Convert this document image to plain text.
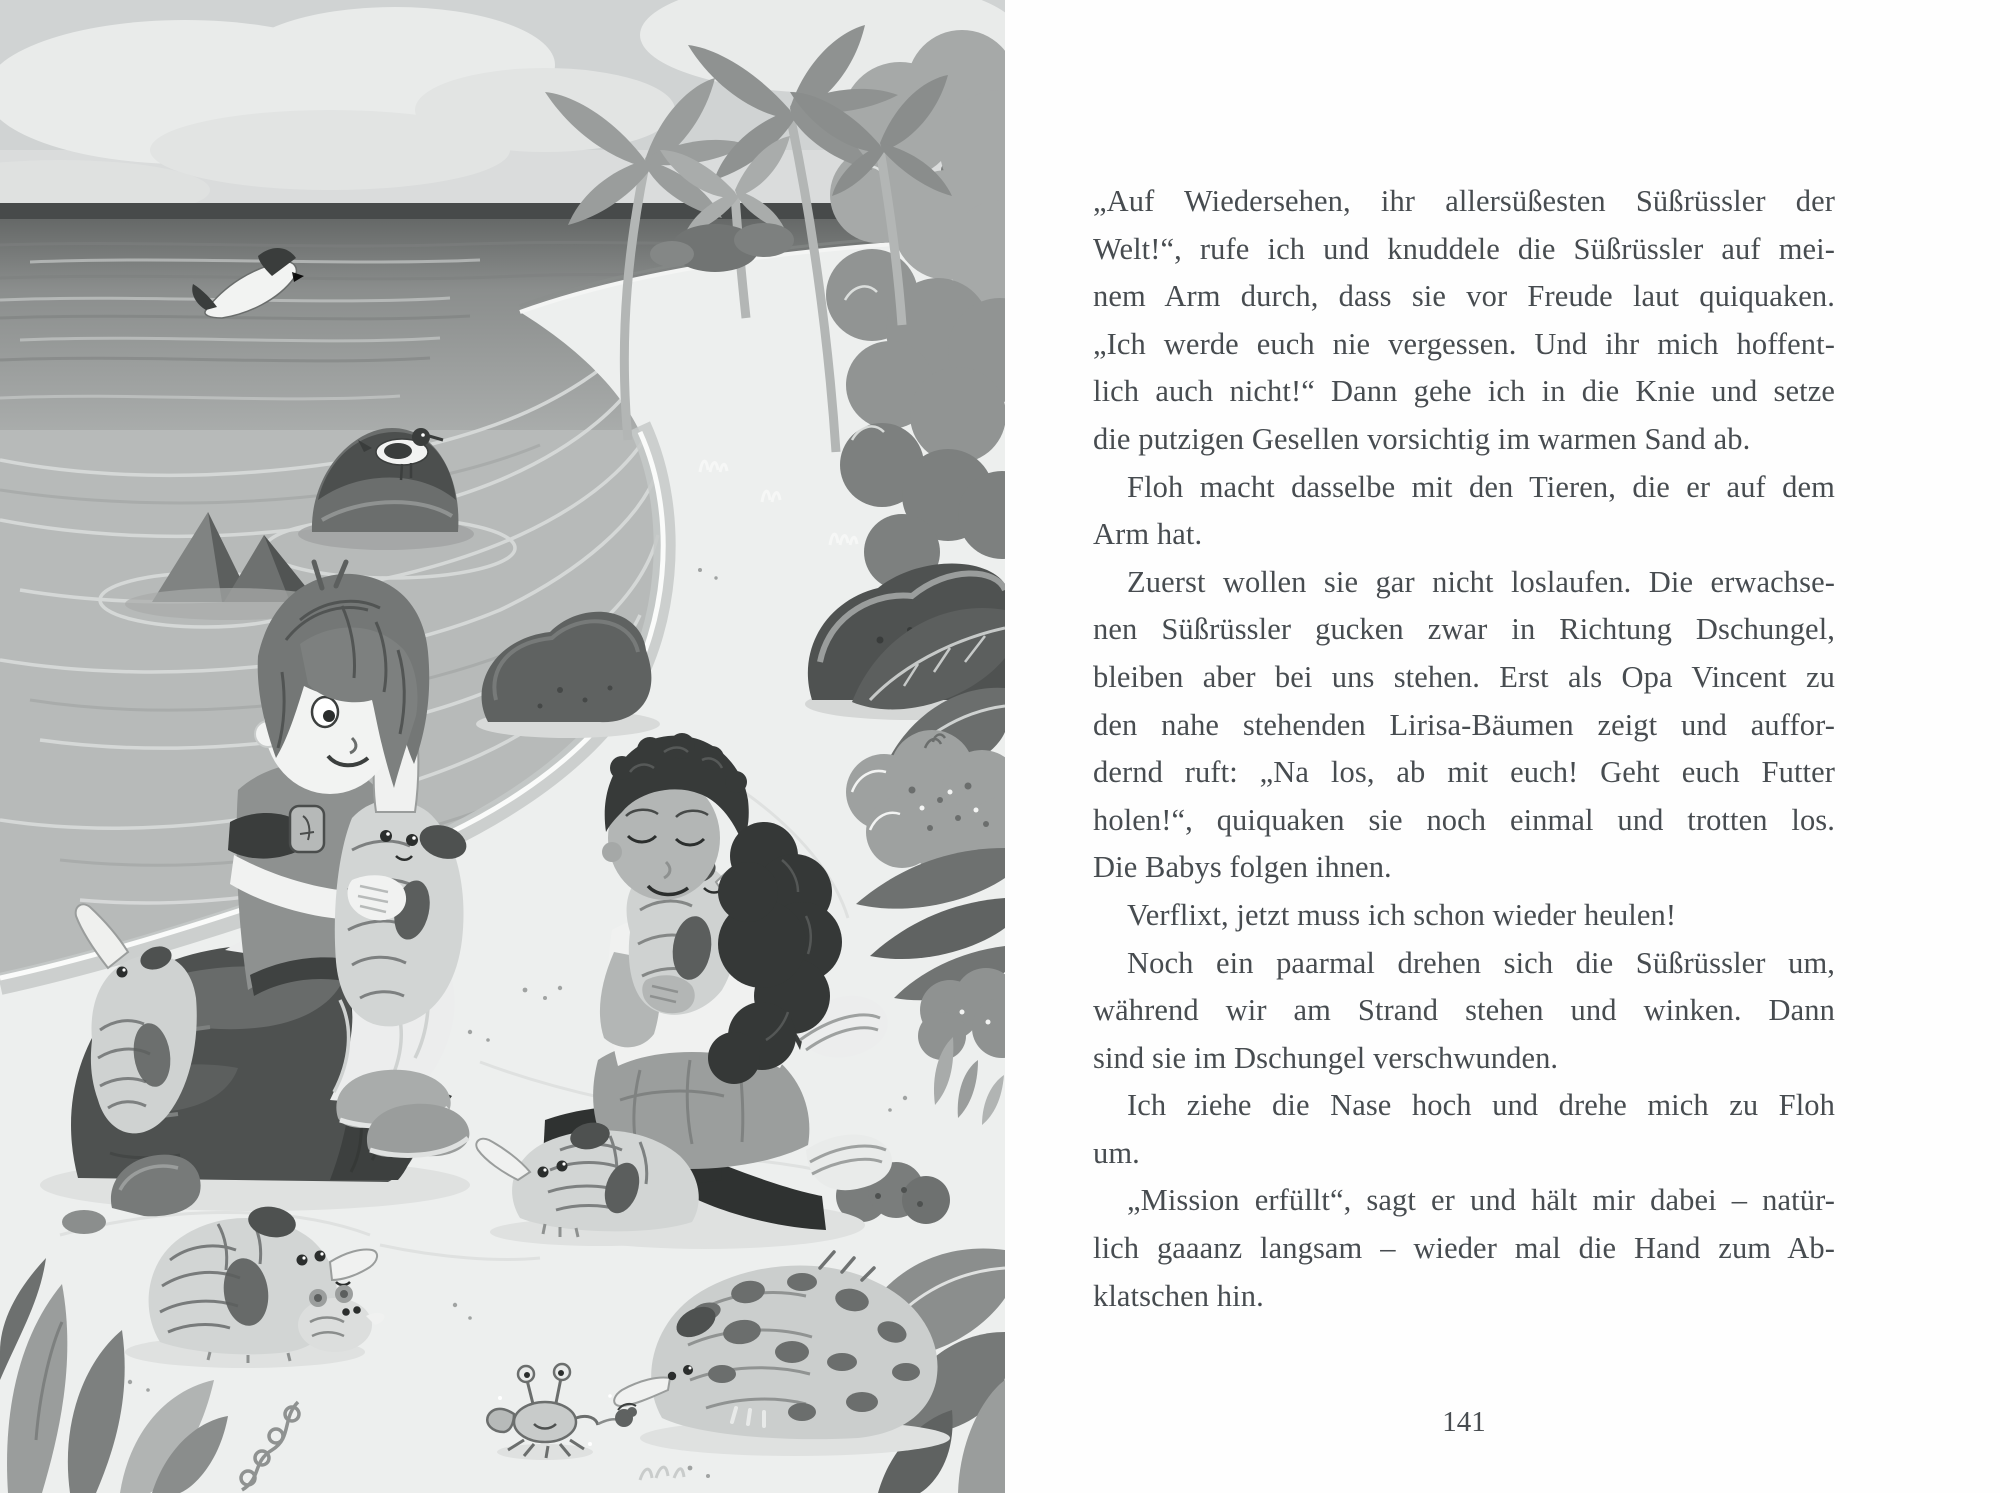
„Auf Wiedersehen, ihr allersüßesten Süßrüssler der
Welt!“, rufe ich und knuddele die Süßrüssler auf mei-
nem Arm durch, dass sie vor Freude laut quiquaken.
„Ich werde euch nie vergessen. Und ihr mich hoffent-
lich auch nicht!“ Dann gehe ich in die Knie und setze
die putzigen Gesellen vorsichtig im warmen Sand ab.
Floh macht dasselbe mit den Tieren, die er auf dem
Arm hat.
Zuerst wollen sie gar nicht loslaufen. Die erwachse-
nen Süßrüssler gucken zwar in Richtung Dschungel,
bleiben aber bei uns stehen. Erst als Opa Vincent zu
den nahe stehenden Lirisa-Bäumen zeigt und auffor-
dernd ruft: „Na los, ab mit euch! Geht euch Futter
holen!“, quiquaken sie noch einmal und trotten los.
Die Babys folgen ihnen.
Verflixt, jetzt muss ich schon wieder heulen!
Noch ein paarmal drehen sich die Süßrüssler um,
während wir am Strand stehen und winken. Dann
sind sie im Dschungel verschwunden.
Ich ziehe die Nase hoch und drehe mich zu Floh
um.
„Mission erfüllt“, sagt er und hält mir dabei – natür-
lich gaaanz langsam – wieder mal die Hand zum Ab-
klatschen hin.
141
